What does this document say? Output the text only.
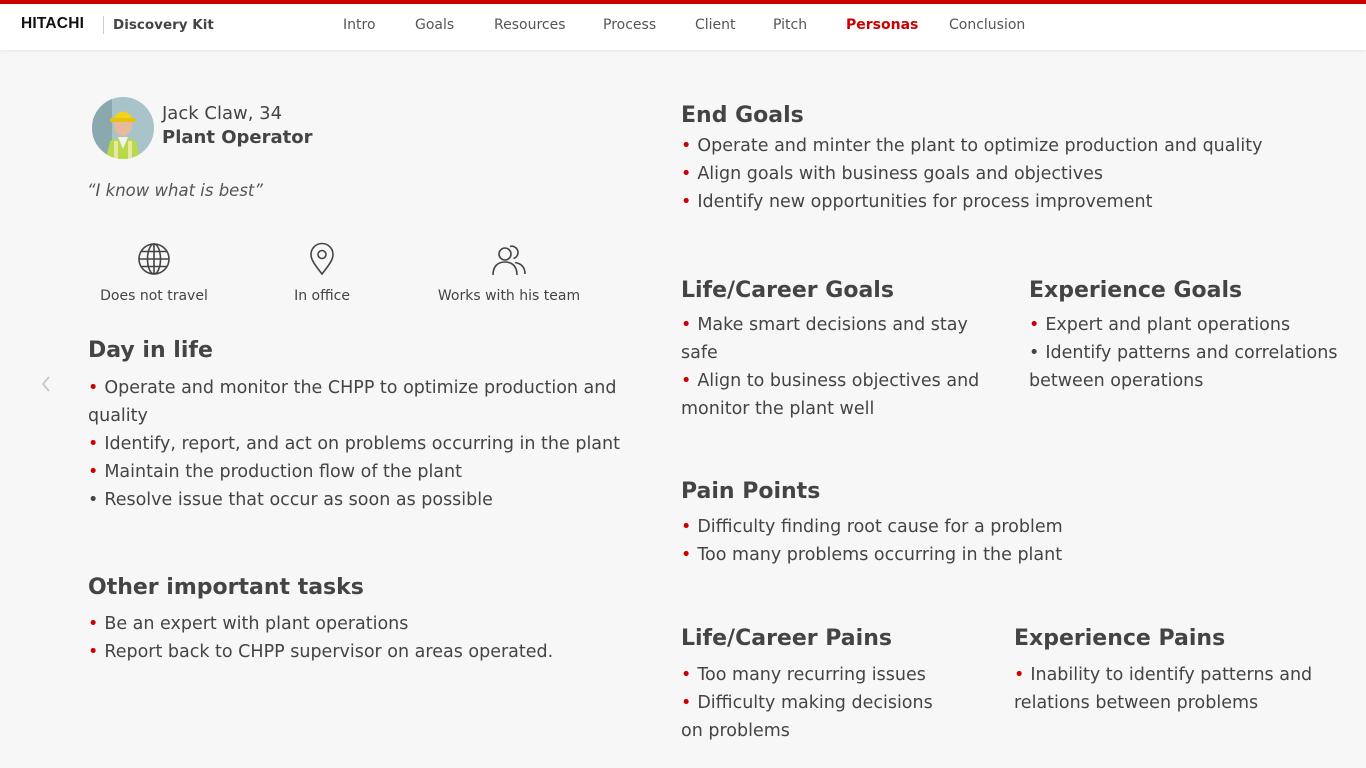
HITACHI Discovery Kit	Intro	Goals	Resources	Process	Client	Pitch	Personas Conclusion
Jack Claw, 34
Plant Operator
“I know what is best”
Does not travel	In office	Works with his team
Day in life
• Operate and monitor the CHPP to optimize production and quality
• Identify, report, and act on problems occurring in the plant
• Maintain the production flow of the plant
• Resolve issue that occur as soon as possible
Other important tasks
• Be an expert with plant operations
• Report back to CHPP supervisor on areas operated.
End Goals
• Operate and minter the plant to optimize production and quality
• Align goals with business goals and objectives
• Identify new opportunities for process improvement
Life/Career Goals
• Make smart decisions and stay safe
• Align to business objectives and monitor the plant well
Experience Goals
• Expert and plant operations
• Identify patterns and correlations between operations
Pain Points
• Difficulty finding root cause for a problem
• Too many problems occurring in the plant
Life/Career Pains
• Too many recurring issues
• Difficulty making decisions on problems
Experience Pains
• Inability to identify patterns and relations between problems
